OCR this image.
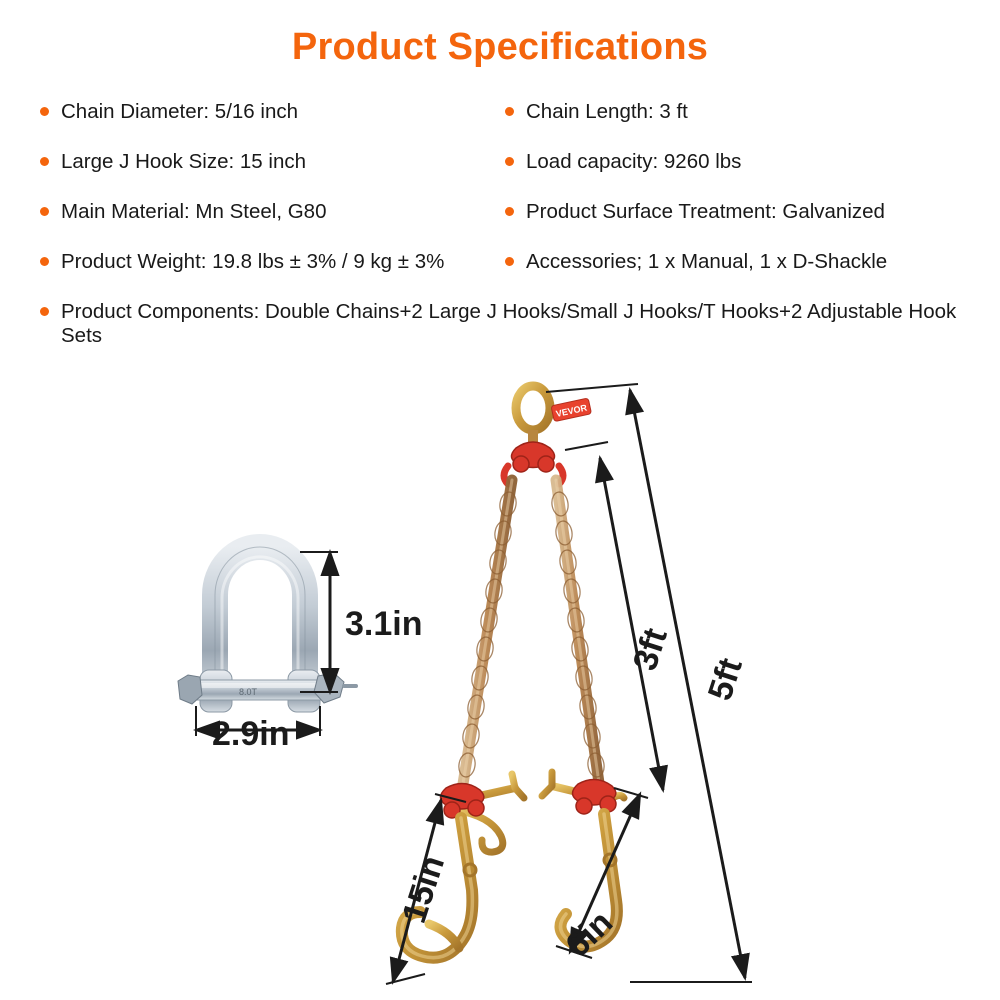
Product Specifications
Chain Diameter: 5/16 inch	Chain Length: 3 ft
Large J Hook Size: 15 inch	Load capacity: 9260 lbs
Main Material: Mn Steel, G80	Product Surface Treatment: Galvanized
Product Weight: 19.8 lbs ± 3% / 9 kg ± 3%	Accessories; 1 x Manual, 1 x D-Shackle
Product Components: Double Chains+2 Large J Hooks/Small J Hooks/T Hooks+2 Adjustable Hook Sets
8.0T
VEVOR
3.1in
2.9in
3ft
5ft
15in
6in
